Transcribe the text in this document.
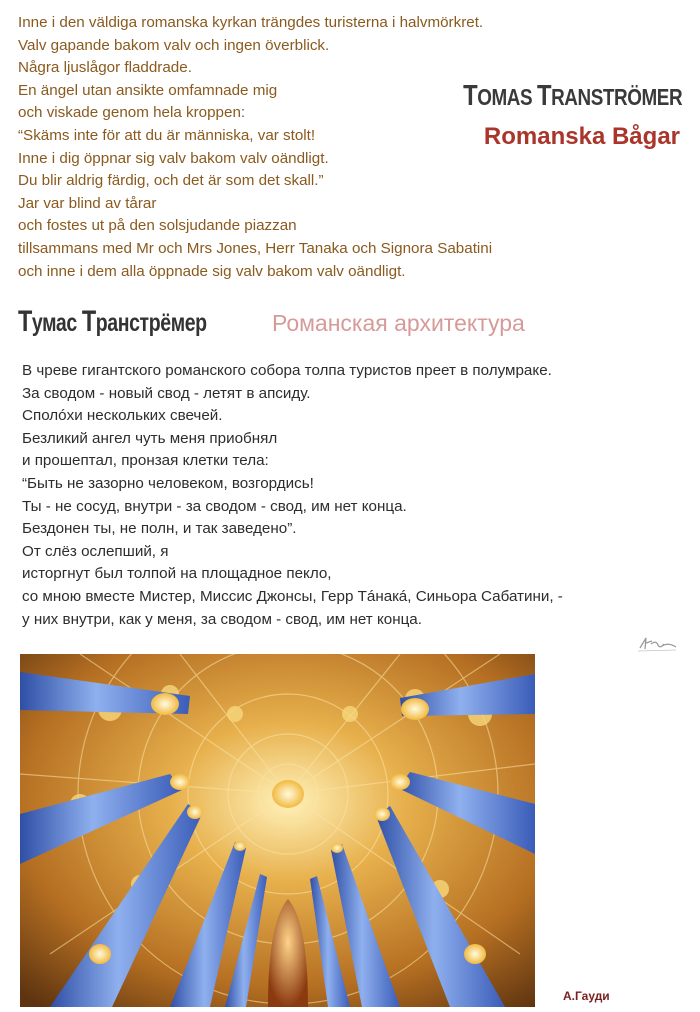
Inne i den väldiga romanska kyrkan trängdes turisterna i halvmörkret.
Valv gapande bakom valv och ingen överblick.
Några ljuslågor fladdrade.
En ängel utan ansikte omfamnade mig
och viskade genom hela kroppen:
“Skäms inte för att du är människa, var stolt!
Inne i dig öppnar sig valv bakom valv oändligt.
Du blir aldrig färdig, och det är som det skall.”
Jar var blind av tårar
och fostes ut på den solsjudande piazzan
tillsammans med Mr och Mrs Jones, Herr Tanaka och Signora Sabatini
och inne i dem alla öppnade sig valv bakom valv oändligt.
TOMAS TRANSTRÖMER
Romanska Bågar
Тумас Транстрёмер	Романская архитектура
В чреве гигантского романского собора толпа туристов преет в полумраке.
За сводом - новый свод - летят в апсиду.
Сполóхи нескольких свечей.
Безликий ангел чуть меня приобнял
и прошептал, пронзая клетки тела:
“Быть не зазорно человеком, возгордись!
Ты - не сосуд, внутри - за сводом - свод, им нет конца.
Бездонен ты, не полн, и так заведено”.
От слёз ослепший, я
исторгнут был толпой на площадное пекло,
со мною вместе Мистер, Миссис Джонсы, Герр Тáнакá, Синьора Сабатини, -
у них внутри, как у меня, за сводом - свод, им нет конца.
А.Гауди
